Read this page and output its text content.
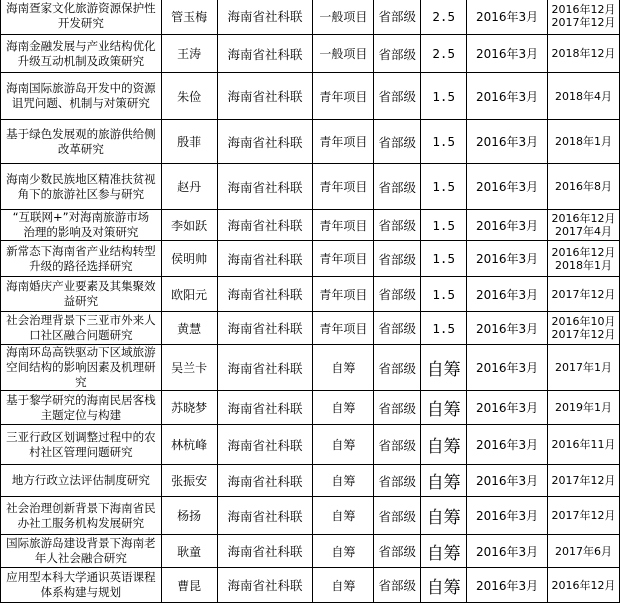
海南疍家文化旅游资源保护性
开发研究	管玉梅	海南省社科联	一般项目	省部级	2.5	2016年3月	2016年12月
2017年12月

海南金融发展与产业结构优化
升级互动机制及政策研究	王涛	海南省社科联	一般项目	省部级	2.5	2016年3月	2018年12月

海南国际旅游岛开发中的资源
诅咒问题、机制与对策研究	朱俭	海南省社科联	青年项目	省部级	1.5	2016年3月	2018年4月

基于绿色发展观的旅游供给侧
改革研究	殷菲	海南省社科联	青年项目	省部级	1.5	2016年3月	2018年1月

海南少数民族地区精准扶贫视
角下的旅游社区参与研究	赵丹	海南省社科联	青年项目	省部级	1.5	2016年3月	2016年8月

“互联网+”对海南旅游市场
治理的影响及对策研究	李如跃	海南省社科联	青年项目	省部级	1.5	2016年3月	2016年12月
2017年4月

新常态下海南省产业结构转型
升级的路径选择研究	侯明帅	海南省社科联	青年项目	省部级	1.5	2016年3月	2016年12月
2018年1月

海南婚庆产业要素及其集聚效
益研究	欧阳元	海南省社科联	青年项目	省部级	1.5	2016年3月	2017年12月

社会治理背景下三亚市外来人
口社区融合问题研究	黄慧	海南省社科联	青年项目	省部级	1.5	2016年3月	2016年10月
2017年12月

海南环岛高铁驱动下区域旅游
空间结构的影响因素及机理研
究	吴兰卡	海南省社科联	自筹	省部级	自筹	2016年3月	2017年1月

基于黎学研究的海南民居客栈
主题定位与构建	苏晓梦	海南省社科联	自筹	省部级	自筹	2016年3月	2019年1月

三亚行政区划调整过程中的农
村社区管理问题研究	林杭峰	海南省社科联	自筹	省部级	自筹	2016年3月	2016年11月

地方行政立法评估制度研究	张振安	海南省社科联	自筹	省部级	自筹	2016年3月	2017年12月

社会治理创新背景下海南省民
办社工服务机构发展研究	杨扬	海南省社科联	自筹	省部级	自筹	2016年3月	2017年12月

国际旅游岛建设背景下海南老
年人社会融合研究	耿童	海南省社科联	自筹	省部级	自筹	2016年3月	2017年6月

应用型本科大学通识英语课程
体系构建与规划	曹昆	海南省社科联	自筹	省部级	自筹	2016年3月	2016年12月
